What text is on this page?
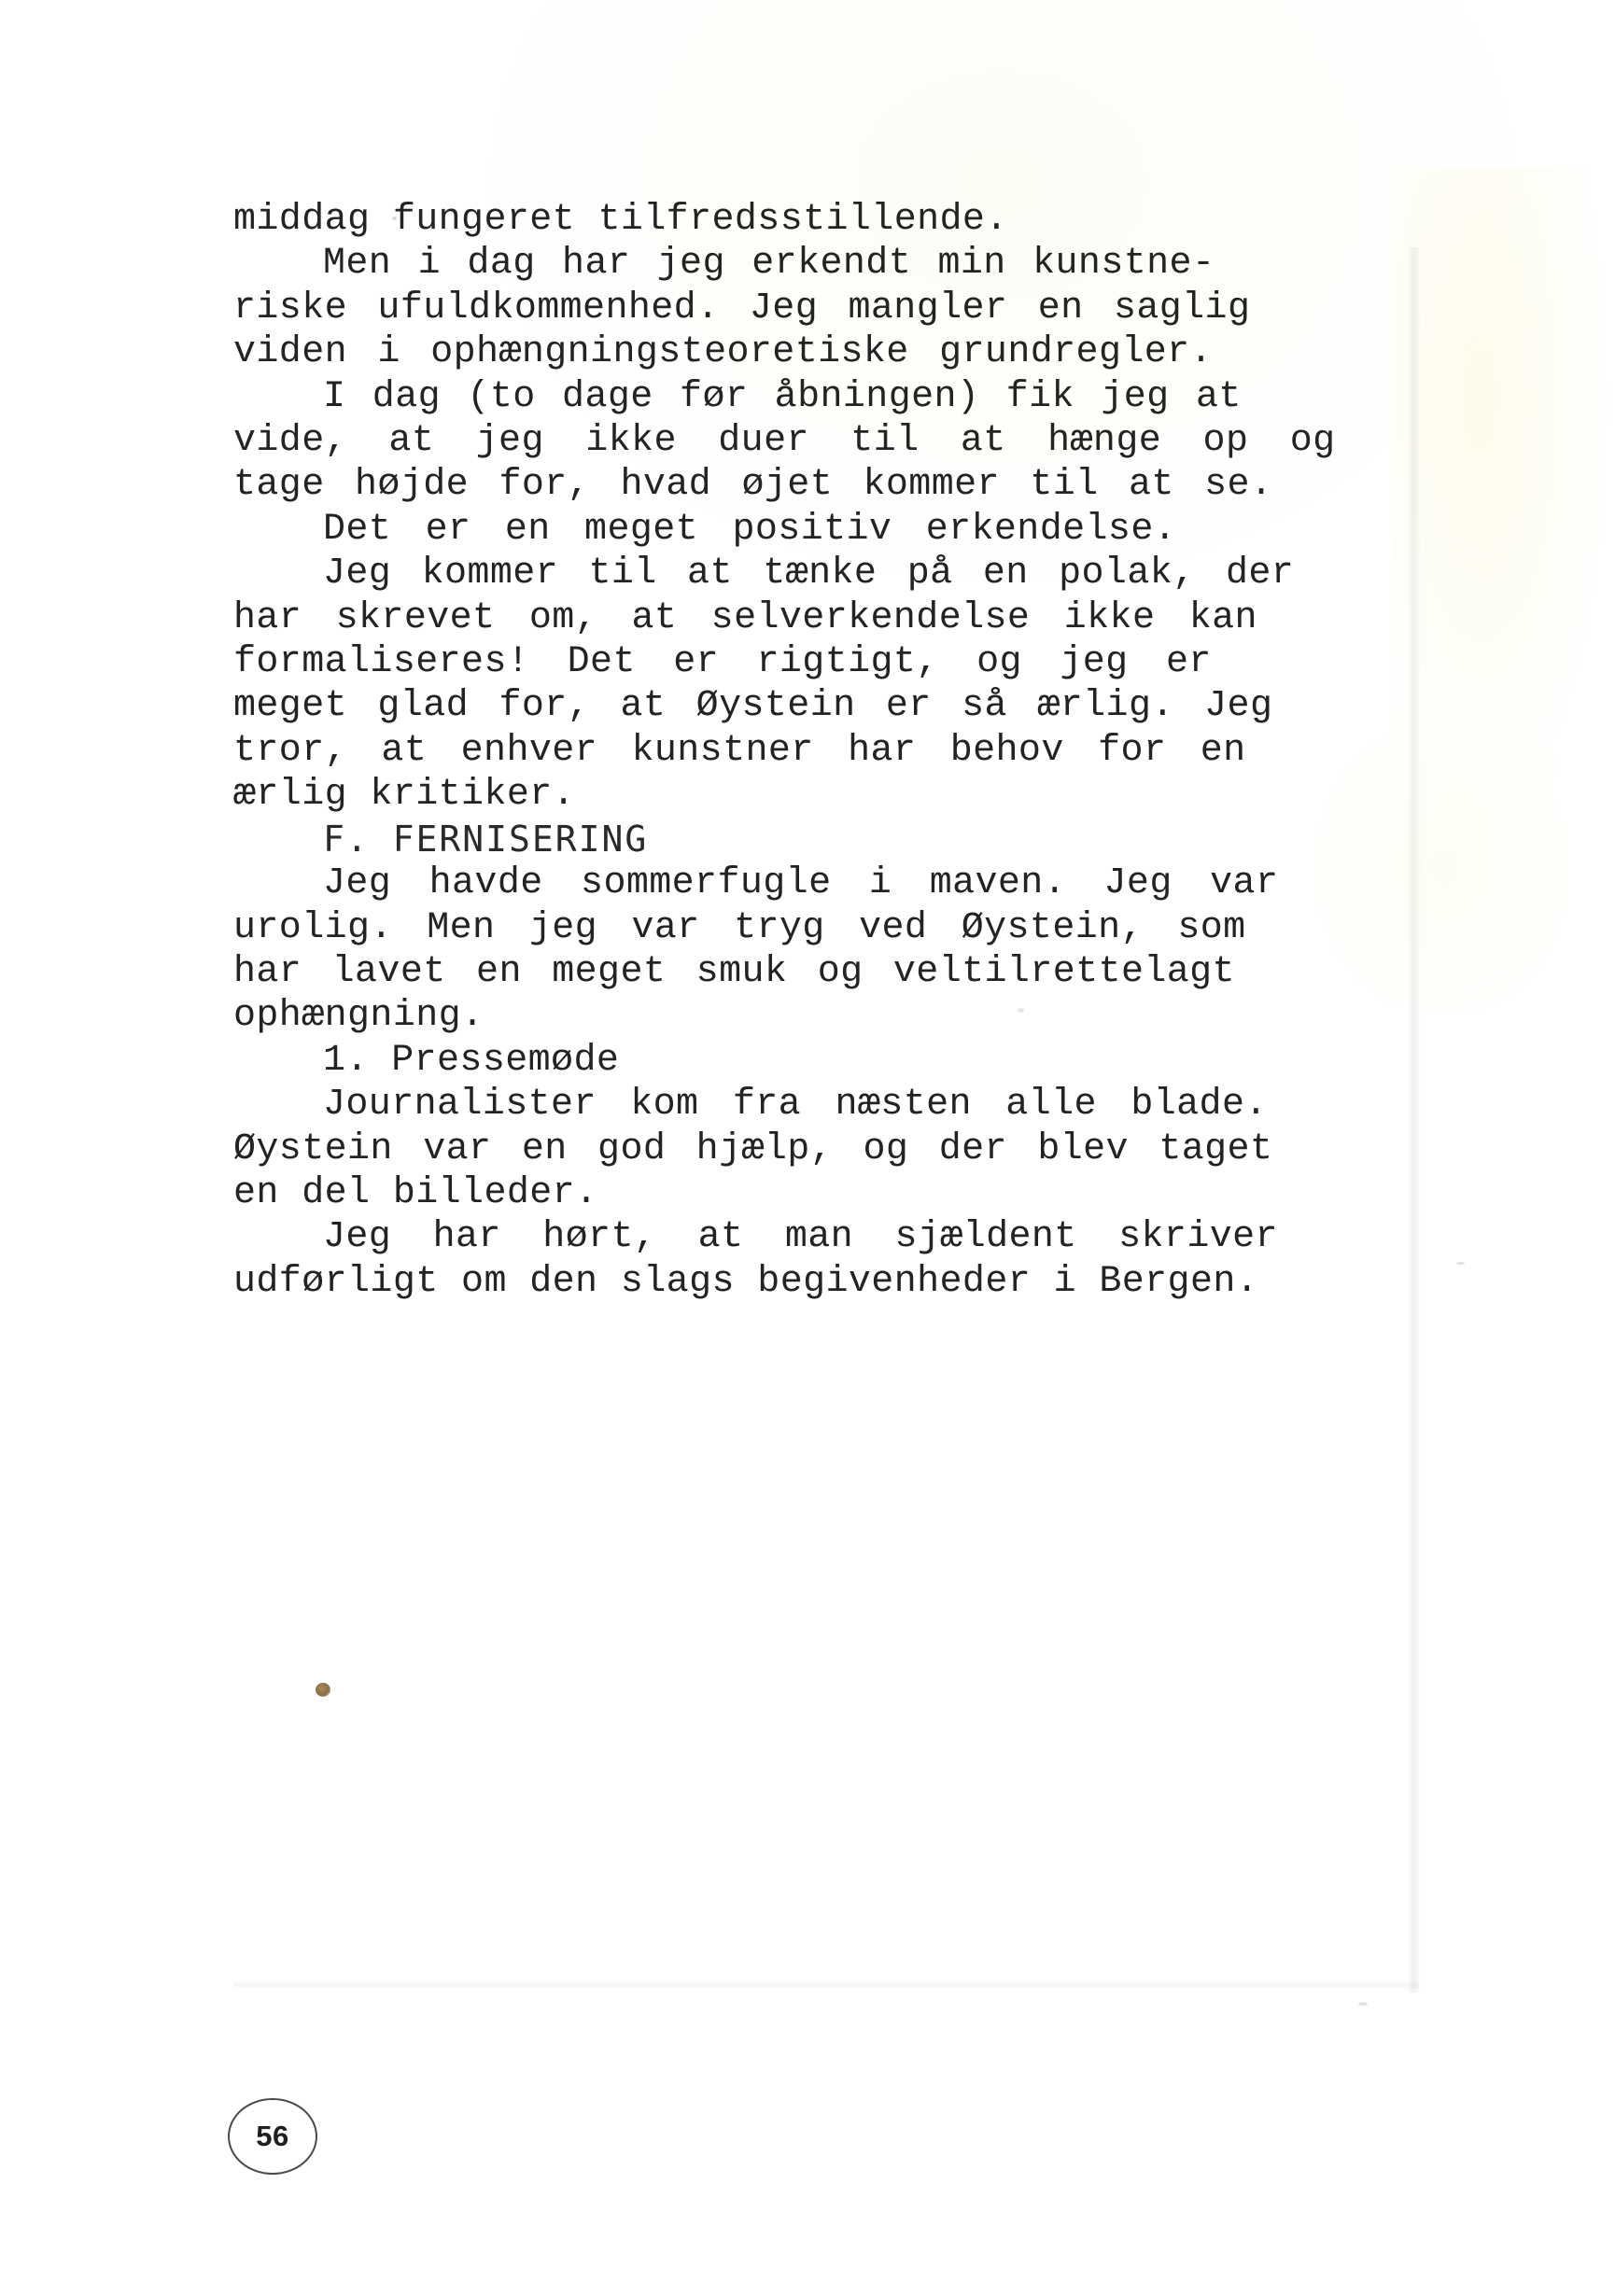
middag fungeret tilfredsstillende.
Men i dag har jeg erkendt min kunstne-
riske ufuldkommenhed. Jeg mangler en saglig
viden i ophængningsteoretiske grundregler.
I dag (to dage før åbningen) fik jeg at
vide, at jeg ikke duer til at hænge op og
tage højde for, hvad øjet kommer til at se.
Det er en meget positiv erkendelse.
Jeg kommer til at tænke på en polak, der
har skrevet om, at selverkendelse ikke kan
formaliseres! Det er rigtigt, og jeg er
meget glad for, at Øystein er så ærlig. Jeg
tror, at enhver kunstner har behov for en
ærlig kritiker.
F. FERNISERING
Jeg havde sommerfugle i maven. Jeg var
urolig. Men jeg var tryg ved Øystein, som
har lavet en meget smuk og veltilrettelagt
ophængning.
1. Pressemøde
Journalister kom fra næsten alle blade.
Øystein var en god hjælp, og der blev taget
en del billeder.
Jeg har hørt, at man sjældent skriver
udførligt om den slags begivenheder i Bergen.
56
